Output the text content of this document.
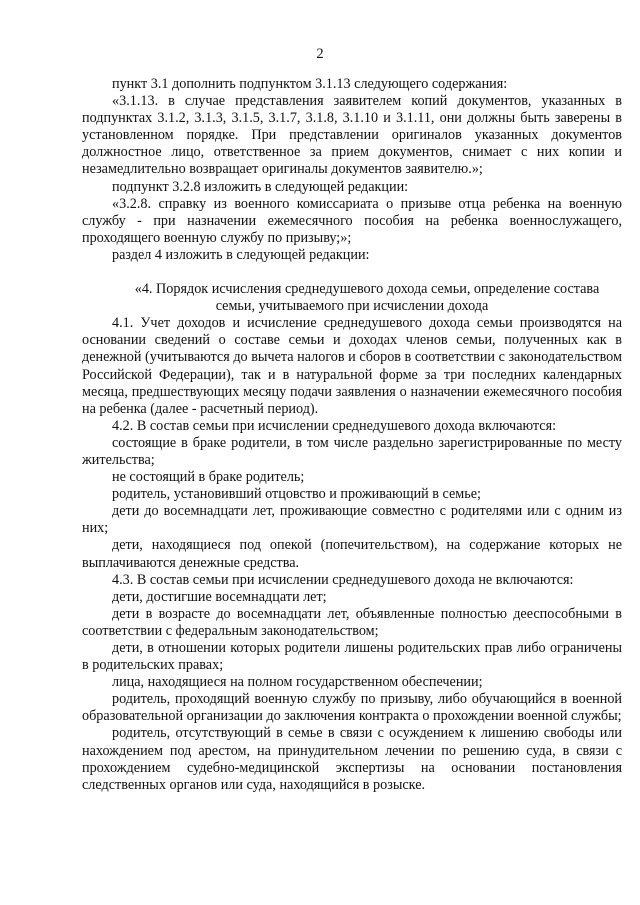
2

пункт 3.1 дополнить подпунктом 3.1.13 следующего содержания:

«3.1.13. в случае представления заявителем копий документов, указанных в подпунктах 3.1.2, 3.1.3, 3.1.5, 3.1.7, 3.1.8, 3.1.10 и 3.1.11, они должны быть заверены в установленном порядке. При представлении оригиналов указанных документов должностное лицо, ответственное за прием документов, снимает с них копии и незамедлительно возвращает оригиналы документов заявителю.»;

подпункт 3.2.8 изложить в следующей редакции:

«3.2.8. справку из военного комиссариата о призыве отца ребенка на военную службу - при назначении ежемесячного пособия на ребенка военнослужащего, проходящего военную службу по призыву;»;

раздел 4 изложить в следующей редакции:

«4. Порядок исчисления среднедушевого дохода семьи, определение состава семьи, учитываемого при исчислении дохода

4.1. Учет доходов и исчисление среднедушевого дохода семьи производятся на основании сведений о составе семьи и доходах членов семьи, полученных как в денежной (учитываются до вычета налогов и сборов в соответствии с законодательством Российской Федерации), так и в натуральной форме за три последних календарных месяца, предшествующих месяцу подачи заявления о назначении ежемесячного пособия на ребенка (далее - расчетный период).

4.2. В состав семьи при исчислении среднедушевого дохода включаются:

состоящие в браке родители, в том числе раздельно зарегистрированные по месту жительства;

не состоящий в браке родитель;

родитель, установивший отцовство и проживающий в семье;

дети до восемнадцати лет, проживающие совместно с родителями или с одним из них;

дети, находящиеся под опекой (попечительством), на содержание которых не выплачиваются денежные средства.

4.3. В состав семьи при исчислении среднедушевого дохода не включаются:

дети, достигшие восемнадцати лет;

дети в возрасте до восемнадцати лет, объявленные полностью дееспособными в соответствии с федеральным законодательством;

дети, в отношении которых родители лишены родительских прав либо ограничены в родительских правах;

лица, находящиеся на полном государственном обеспечении;

родитель, проходящий военную службу по призыву, либо обучающийся в военной образовательной организации до заключения контракта о прохождении военной службы;

родитель, отсутствующий в семье в связи с осуждением к лишению свободы или нахождением под арестом, на принудительном лечении по решению суда, в связи с прохождением судебно-медицинской экспертизы на основании постановления следственных органов или суда, находящийся в розыске.
